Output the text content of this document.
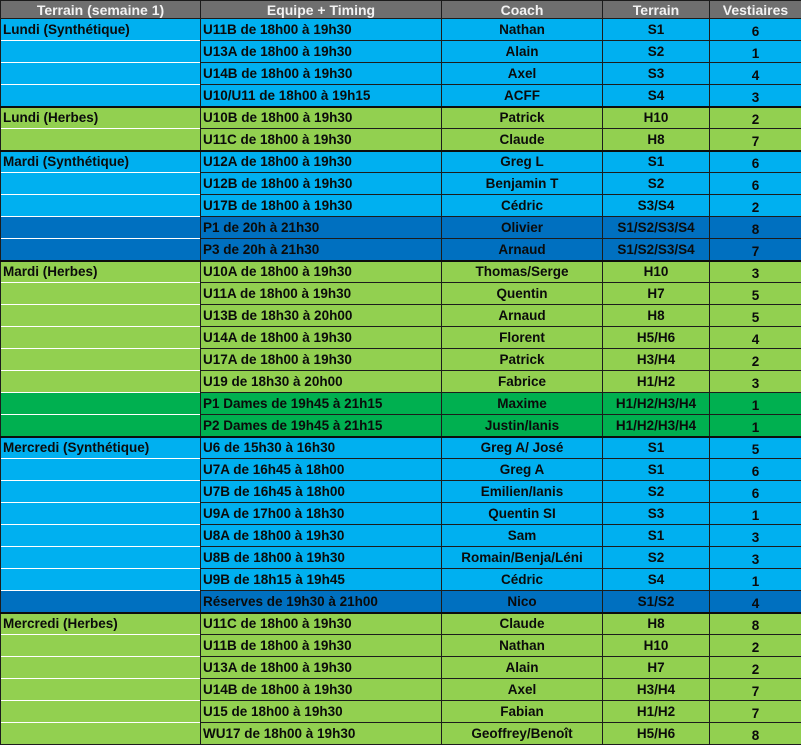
Terrain (semaine 1)	Equipe + Timing	Coach	Terrain	Vestiaires
Lundi (Synthétique)	U11B de 18h00 à 19h30	Nathan	S1	6
	U13A de 18h00 à 19h30	Alain	S2	1
	U14B de 18h00 à 19h30	Axel	S3	4
	U10/U11 de 18h00 à 19h15	ACFF	S4	3
Lundi (Herbes)	U10B de 18h00 à 19h30	Patrick	H10	2
	U11C de 18h00 à 19h30	Claude	H8	7
Mardi (Synthétique)	U12A de 18h00 à 19h30	Greg L	S1	6
	U12B de 18h00 à 19h30	Benjamin T	S2	6
	U17B de 18h00 à 19h30	Cédric	S3/S4	2
	P1 de 20h à 21h30	Olivier	S1/S2/S3/S4	8
	P3 de 20h à 21h30	Arnaud	S1/S2/S3/S4	7
Mardi (Herbes)	U10A de 18h00 à 19h30	Thomas/Serge	H10	3
	U11A de 18h00 à 19h30	Quentin	H7	5
	U13B de 18h30 à 20h00	Arnaud	H8	5
	U14A de 18h00 à 19h30	Florent	H5/H6	4
	U17A de 18h00 à 19h30	Patrick	H3/H4	2
	U19 de 18h30 à 20h00	Fabrice	H1/H2	3
	P1 Dames de 19h45 à 21h15	Maxime	H1/H2/H3/H4	1
	P2 Dames de 19h45 à 21h15	Justin/Ianis	H1/H2/H3/H4	1
Mercredi (Synthétique)	U6 de 15h30 à 16h30	Greg A/ José	S1	5
	U7A de 16h45 à 18h00	Greg A	S1	6
	U7B de 16h45 à 18h00	Emilien/Ianis	S2	6
	U9A de 17h00 à 18h30	Quentin SI	S3	1
	U8A de 18h00 à 19h30	Sam	S1	3
	U8B de 18h00 à 19h30	Romain/Benja/Léni	S2	3
	U9B de 18h15 à 19h45	Cédric	S4	1
	Réserves de 19h30 à 21h00	Nico	S1/S2	4
Mercredi (Herbes)	U11C de 18h00 à 19h30	Claude	H8	8
	U11B de 18h00 à 19h30	Nathan	H10	2
	U13A de 18h00 à 19h30	Alain	H7	2
	U14B de 18h00 à 19h30	Axel	H3/H4	7
	U15 de 18h00 à 19h30	Fabian	H1/H2	7
	WU17 de 18h00 à 19h30	Geoffrey/Benoît	H5/H6	8
